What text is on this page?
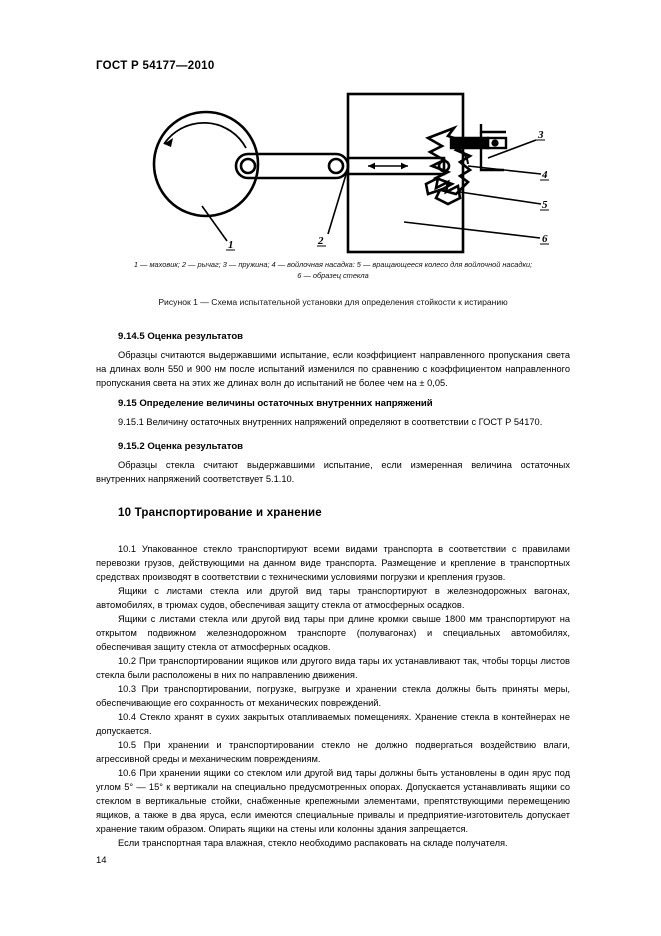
ГОСТ Р 54177—2010
1	2
3
4
5
6
1 — маховик; 2 — рычаг; 3 — пружина; 4 — войлочная насадка: 5 — вращающееся колесо для войлочной насадки;
6 — образец стекла
Рисунок 1 — Схема испытательной установки для определения стойкости к истиранию
9.14.5 Оценка результатов

Образцы считаются выдержавшими испытание, если коэффициент направленного пропускания света на длинах волн 550 и 900 нм после испытаний изменился по сравнению с коэффициентом направленного пропускания света на этих же длинах волн до испытаний не более чем на ± 0,05.

9.15 Определение величины остаточных внутренних напряжений

9.15.1 Величину остаточных внутренних напряжений определяют в соответствии с ГОСТ Р 54170.

9.15.2 Оценка результатов

Образцы стекла считают выдержавшими испытание, если измеренная величина остаточных внутренних напряжений соответствует 5.1.10.

10 Транспортирование и хранение

10.1 Упакованное стекло транспортируют всеми видами транспорта в соответствии с правилами перевозки грузов, действующими на данном виде транспорта. Размещение и крепление в транспортных средствах производят в соответствии с техническими условиями погрузки и крепления грузов.

Ящики с листами стекла или другой вид тары транспортируют в железнодорожных вагонах, автомобилях, в трюмах судов, обеспечивая защиту стекла от атмосферных осадков.

Ящики с листами стекла или другой вид тары при длине кромки свыше 1800 мм транспортируют на открытом подвижном железнодорожном транспорте (полувагонах) и специальных автомобилях, обеспечивая защиту стекла от атмосферных осадков.

10.2 При транспортировании ящиков или другого вида тары их устанавливают так, чтобы торцы листов стекла были расположены в них по направлению движения.

10.3 При транспортировании, погрузке, выгрузке и хранении стекла должны быть приняты меры, обеспечивающие его сохранность от механических повреждений.

10.4 Стекло хранят в сухих закрытых отапливаемых помещениях. Хранение стекла в контейнерах не допускается.

10.5 При хранении и транспортировании стекло не должно подвергаться воздействию влаги, агрессивной среды и механическим повреждениям.

10.6 При хранении ящики со стеклом или другой вид тары должны быть установлены в один ярус под углом 5° — 15° к вертикали на специально предусмотренных опорах. Допускается устанавливать ящики со стеклом в вертикальные стойки, снабженные крепежными элементами, препятствующими перемещению ящиков, а также в два яруса, если имеются специальные привалы и предприятие-изготовитель допускает хранение таким образом. Опирать ящики на стены или колонны здания запрещается.

Если транспортная тара влажная, стекло необходимо распаковать на складе получателя.

14
